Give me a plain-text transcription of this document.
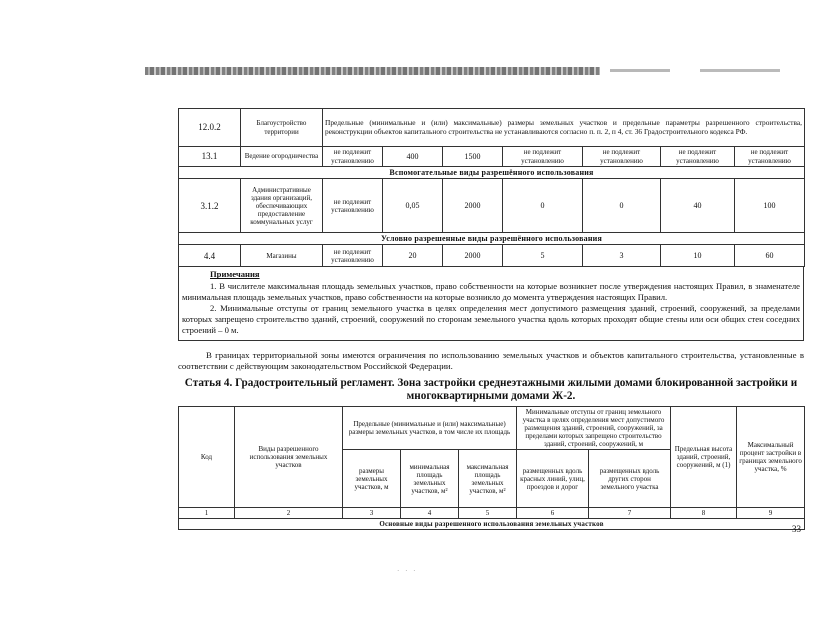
12.0.2	Благоустройство территории	Предельные (минимальные и (или) максимальные) размеры земельных участков и предельные параметры разрешенного строительства, реконструкции объектов капитального строительства не устанавливаются согласно п. п. 2, п 4, ст. 36 Градостроительного кодекса РФ.						
13.1	Ведение огородничества	не подлежит установлению	400	1500	не подлежит установлению	не подлежит установлению	не подлежит установлению	не подлежит установлению
Вспомогательные виды разрешённого использования								
3.1.2	Административные здания организаций, обеспечивающих предоставление коммунальных услуг	не подлежит установлению	0,05	2000	0	0	40	100
Условно разрешенные виды разрешённого использования								
4.4	Магазины	не подлежит установлению	20	2000	5	3	10	60
Примечания

1. В числителе максимальная площадь земельных участков, право собственности на которые возникнет после утверждения настоящих Правил, в знаменателе минимальная площадь земельных участков, право собственности на которые возникло до момента утверждения настоящих Правил.

2. Минимальные отступы от границ земельного участка в целях определения мест допустимого размещения зданий, строений, сооружений, за пределами которых запрещено строительство зданий, строений, сооружений по сторонам земельного участка вдоль которых проходят общие стены или оси общих стен соседних строений – 0 м.

В границах территориальной зоны имеются ограничения по использованию земельных участков и объектов капитального строительства, установленные в соответствии с действующим законодательством Российской Федерации.

Статья 4. Градостроительный регламент. Зона застройки среднеэтажными жилыми домами блокированной застройки и многоквартирными домами Ж-2.
Код	Виды разрешенного использования земельных участков	Предельные (минимальные и (или) максимальные) размеры земельных участков, в том числе их площадь			Минимальные отступы от границ земельного участка в целях определения мест допустимого размещения зданий, строений, сооружений, за пределами которых запрещено строительство зданий, строений, сооружений, м		Предельная высота зданий, строений, сооружений, м (1)	Максимальный процент застройки в границах земельного участка, %
		размеры земельных участков, м	минимальная площадь земельных участков, м²	максимальная площадь земельных участков, м²	размещенных вдоль красных линий, улиц, проездов и дорог	размещенных вдоль других сторон земельного участка		
1	2	3	4	5	6	7	8	9
Основные виды разрешенного использования земельных участков									33
· · ·
